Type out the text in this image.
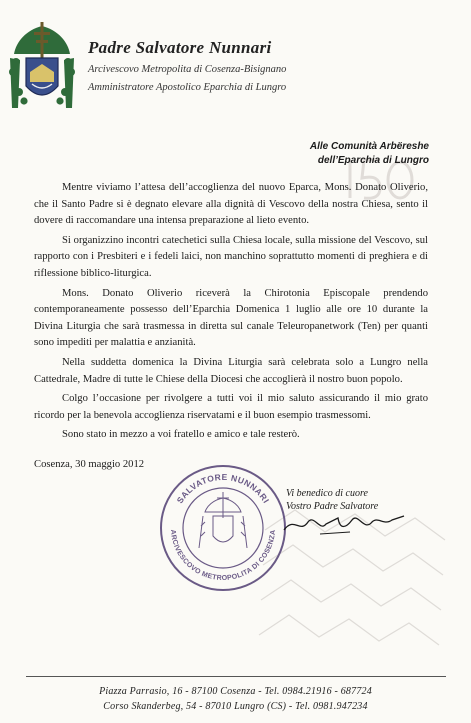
Padre Salvatore Nunnari
Arcivescovo Metropolita di Cosenza-Bisignano
Amministratore Apostolico Eparchia di Lungro
Alle Comunità Arbëreshe
dell’Eparchia di Lungro

Mentre viviamo l’attesa dell’accoglienza del nuovo Eparca, Mons. Donato Oliverio, che il Santo Padre si è degnato elevare alla dignità di Vescovo della nostra Chiesa, sento il dovere di raccomandare una intensa preparazione al lieto evento.

Si organizzino incontri catechetici sulla Chiesa locale, sulla missione del Vescovo, sul rapporto con i Presbiteri e i fedeli laici, non manchino soprattutto momenti di preghiera e di riflessione biblico-liturgica.

Mons. Donato Oliverio riceverà la Chirotonia Episcopale prendendo contemporaneamente possesso dell’Eparchia Domenica 1 luglio alle ore 10 durante la Divina Liturgia che sarà trasmessa in diretta sul canale Teleuropanetwork (Ten) per quanti sono impediti per malattia e anzianità.

Nella suddetta domenica la Divina Liturgia sarà celebrata solo a Lungro nella Cattedrale, Madre di tutte le Chiese della Diocesi che accoglierà il nostro buon popolo.

Colgo l’occasione per rivolgere a tutti voi il mio saluto assicurando il mio grato ricordo per la benevola accoglienza riservatami e il buon esempio trasmessomi.

Sono stato in mezzo a voi fratello e amico e tale resterò.

Cosenza, 30 maggio 2012
SALVATORE NUNNARI
ARCIVESCOVO METROPOLITA DI COSENZA
Vi benedico di cuore
Vostro Padre Salvatore
Piazza Parrasio, 16 - 87100 Cosenza - Tel. 0984.21916 - 687724
Corso Skanderbeg, 54 - 87010 Lungro (CS) - Tel. 0981.947234
